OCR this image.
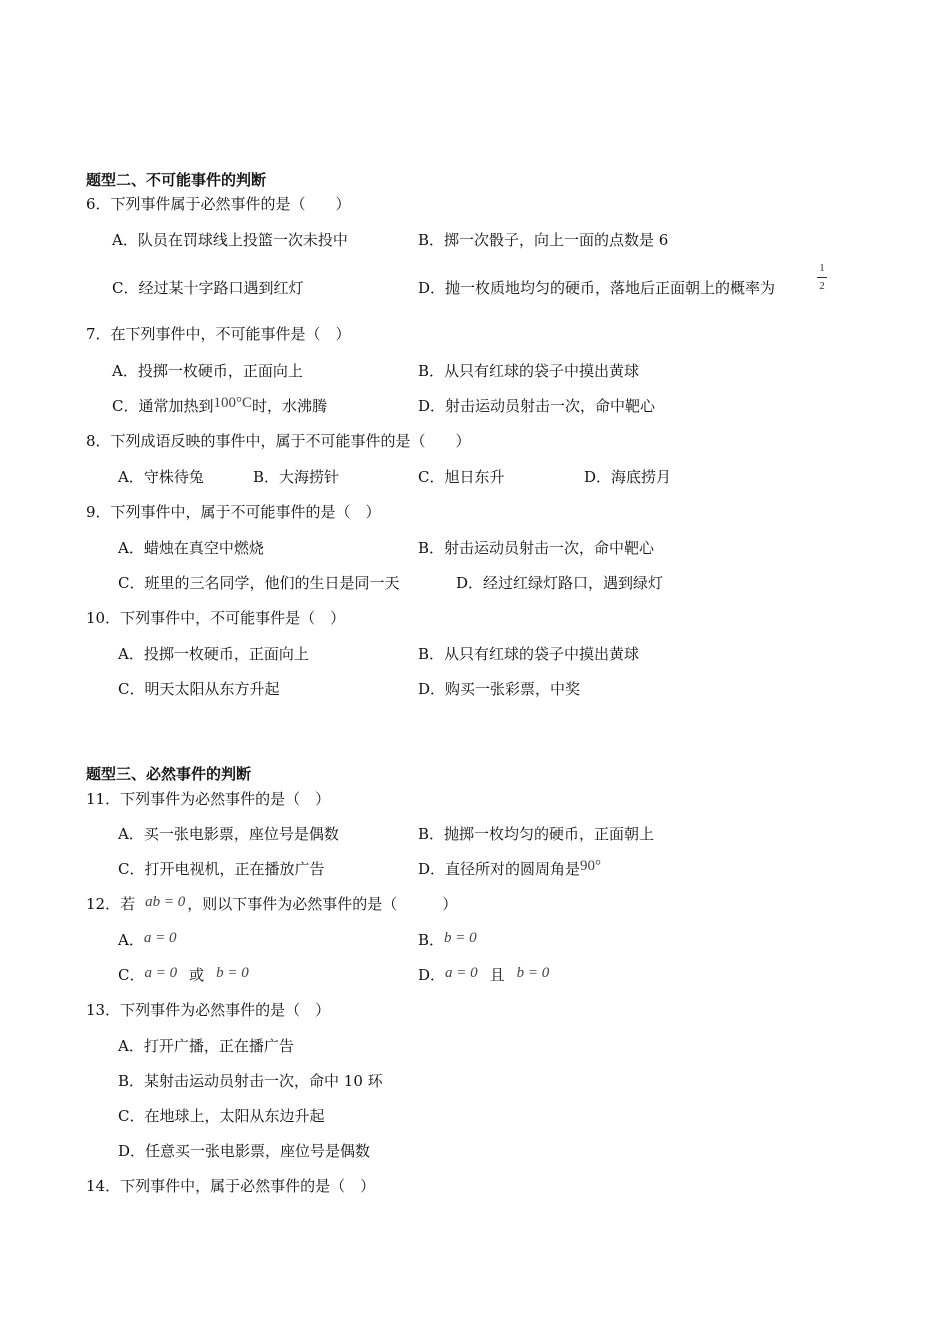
题型二、不可能事件的判断
6．下列事件属于必然事件的是（　　）
A．队员在罚球线上投篮一次未投中	B．掷一次骰子，向上一面的点数是 6
C．经过某十字路口遇到红灯	D．抛一枚质地均匀的硬币，落地后正面朝上的概率为
1
2
7．在下列事件中，不可能事件是（　）
A．投掷一枚硬币，正面向上	B．从只有红球的袋子中摸出黄球
C．通常加热到100°C时，水沸腾	D．射击运动员射击一次，命中靶心
8．下列成语反映的事件中，属于不可能事件的是（　　）
A．守株待兔	B．大海捞针	C．旭日东升	D．海底捞月
9．下列事件中，属于不可能事件的是（　）
A．蜡烛在真空中燃烧	B．射击运动员射击一次，命中靶心
C．班里的三名同学，他们的生日是同一天	D．经过红绿灯路口，遇到绿灯
10．下列事件中，不可能事件是（　）
A．投掷一枚硬币，正面向上	B．从只有红球的袋子中摸出黄球
C．明天太阳从东方升起	D．购买一张彩票，中奖
题型三、必然事件的判断
11．下列事件为必然事件的是（　）
A．买一张电影票，座位号是偶数	B．抛掷一枚均匀的硬币，正面朝上
C．打开电视机，正在播放广告	D．直径所对的圆周角是90°
12．若 ab = 0 ，则以下事件为必然事件的是（　　　）
A．a = 0	B．b = 0
C．a = 0 或 b = 0	D．a = 0 且 b = 0
13．下列事件为必然事件的是（　）
A．打开广播，正在播广告
B．某射击运动员射击一次，命中 10 环
C．在地球上，太阳从东边升起
D．任意买一张电影票，座位号是偶数
14．下列事件中，属于必然事件的是（　）
